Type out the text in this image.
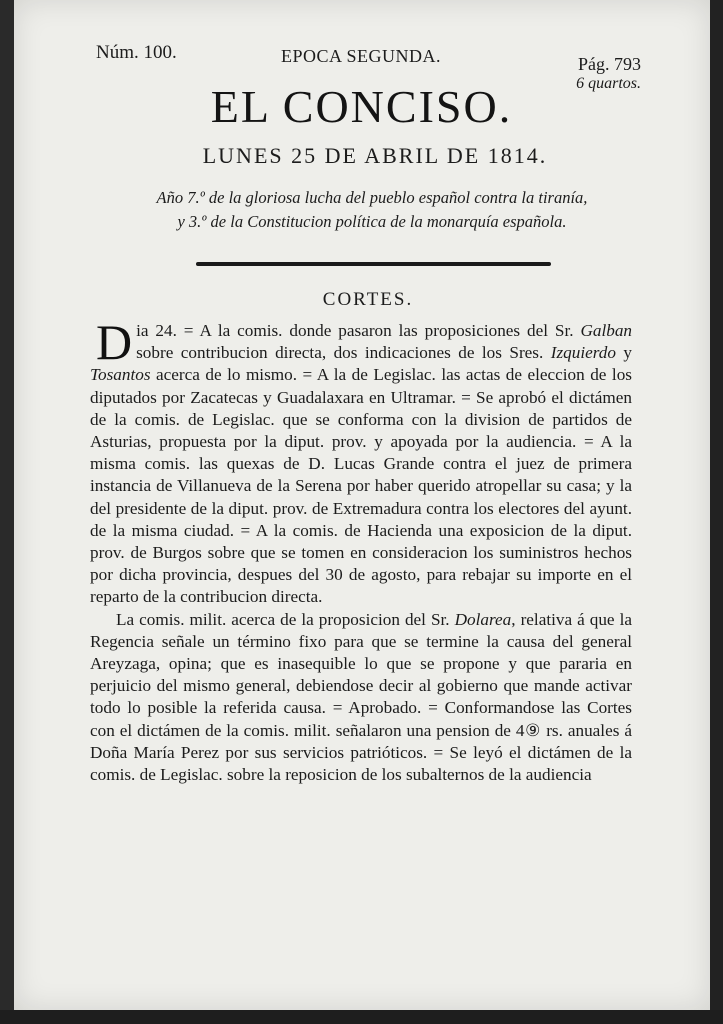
Núm. 100.	EPOCA SEGUNDA.	Pág. 793
6 quartos.
EL CONCISO.
LUNES 25 DE ABRIL DE 1814.
Año 7.º de la gloriosa lucha del pueblo español contra la tiranía,
y 3.º de la Constitucion política de la monarquía española.
CORTES.

Dia 24. = A la comis. donde pasaron las proposiciones del Sr. Galban sobre contribucion directa, dos indicaciones de los Sres. Izquierdo y Tosantos acerca de lo mismo. = A la de Legislac. las actas de eleccion de los diputados por Zacatecas y Guadalaxara en Ultramar. = Se aprobó el dictámen de la comis. de Legislac. que se conforma con la division de partidos de Asturias, propuesta por la diput. prov. y apoyada por la audiencia. = A la misma comis. las quexas de D. Lucas Grande contra el juez de primera instancia de Villanueva de la Serena por haber querido atropellar su casa; y la del presidente de la diput. prov. de Extremadura contra los electores del ayunt. de la misma ciudad. = A la comis. de Hacienda una exposicion de la diput. prov. de Burgos sobre que se tomen en consideracion los suministros hechos por dicha provincia, despues del 30 de agosto, para rebajar su importe en el reparto de la contribucion directa.

La comis. milit. acerca de la proposicion del Sr. Dolarea, relativa á que la Regencia señale un término fixo para que se termine la causa del general Areyzaga, opina; que es inasequible lo que se propone y que pararia en perjuicio del mismo general, debiendose decir al gobierno que mande activar todo lo posible la referida causa. = Aprobado. = Conformandose las Cortes con el dictámen de la comis. milit. señalaron una pension de 4⑨ rs. anuales á Doña María Perez por sus servicios patrióticos. = Se leyó el dictámen de la comis. de Legislac. sobre la reposicion de los subalternos de la audiencia
